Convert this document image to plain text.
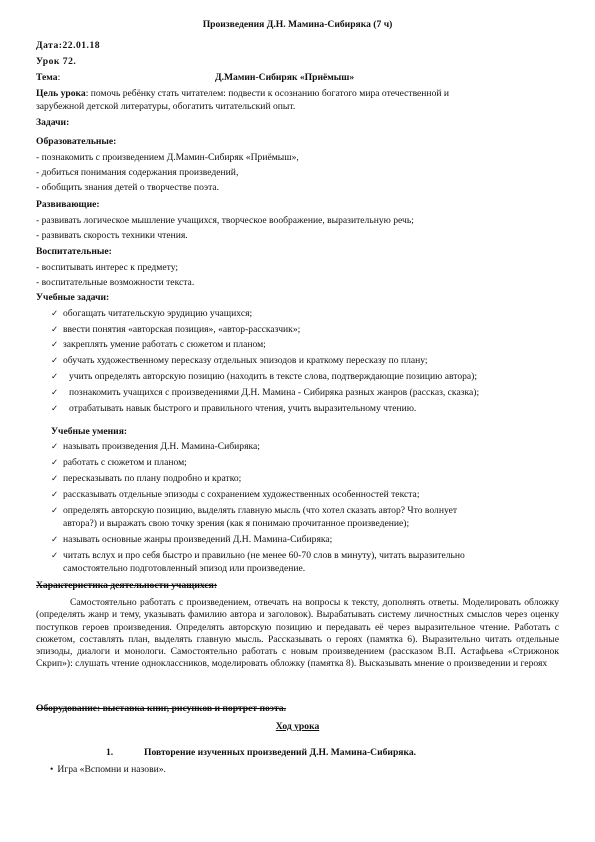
Произведения Д.Н. Мамина-Сибиряка (7 ч)
Дата:22.01.18
Урок 72.
Тема:	Д.Мамин-Сибиряк «Приёмыш»
Цель урока: помочь ребёнку стать читателем: подвести к осознанию богатого мира отечественной и
зарубежной детской литературы, обогатить читательский опыт.
Задачи:
Образовательные:
- познакомить с произведением Д.Мамин-Сибиряк «Приёмыш»,
- добиться понимания содержания произведений,
- обобщить знания детей о творчестве поэта.
Развивающие:
- развивать логическое мышление учащихся, творческое воображение, выразительную речь;
- развивать скорость техники чтения.
Воспитательные:
- воспитывать интерес к предмету;
- воспитательные возможности текста.
Учебные задачи:
✓ обогащать читательскую эрудицию учащихся;
✓ ввести понятия «авторская позиция», «автор-рассказчик»;
✓ закреплять умение работать с сюжетом и планом;
✓ обучать художественному пересказу отдельных эпизодов и краткому пересказу по плану;
✓ учить определять авторскую позицию (находить в тексте слова, подтверждающие позицию автора);
✓ познакомить учащихся с произведениями Д.Н. Мамина - Сибиряка разных жанров (рассказ, сказка);
✓ отрабатывать навык быстрого и правильного чтения, учить выразительному чтению.
Учебные умения:
✓ называть произведения Д.Н. Мамина-Сибиряка;
✓ работать с сюжетом и планом;
✓ пересказывать по плану подробно и кратко;
✓ рассказывать отдельные эпизоды с сохранением художественных особенностей текста;
✓ определять авторскую позицию, выделять главную мысль (что хотел сказать автор? Что волнует
автора?) и выражать свою точку зрения (как я понимаю прочитанное произведение);
✓ называть основные жанры произведений Д.Н. Мамина-Сибиряка;
✓ читать вслух и про себя быстро и правильно (не менее 60-70 слов в минуту), читать выразительно
самостоятельно подготовленный эпизод или произведение.
Характеристика деятельности учащихся:
Самостоятельно работать с произведением, отвечать на вопросы к тексту, дополнять ответы. Моделировать обложку (определять жанр и тему, указывать фамилию автора и заголовок). Вырабатывать систему личностных смыслов через оценку поступков героев произведения. Определять авторскую позицию и передавать её через выразительное чтение. Работать с сюжетом, составлять план, выделять главную мысль. Рассказывать о героях (памятка 6). Выразительно читать отдельные эпизоды, диалоги и монологи. Самостоятельно работать с новым произведением (рассказом В.П. Астафьева «Стрижонок Скрип»): слушать чтение одноклассников, моделировать обложку (памятка 8). Высказывать мнение о произведении и героях
Оборудование: выставка книг, рисунков и портрет поэта.
Ход урока
1.	Повторение изученных произведений Д.Н. Мамина-Сибиряка.
• Игра «Вспомни и назови».
